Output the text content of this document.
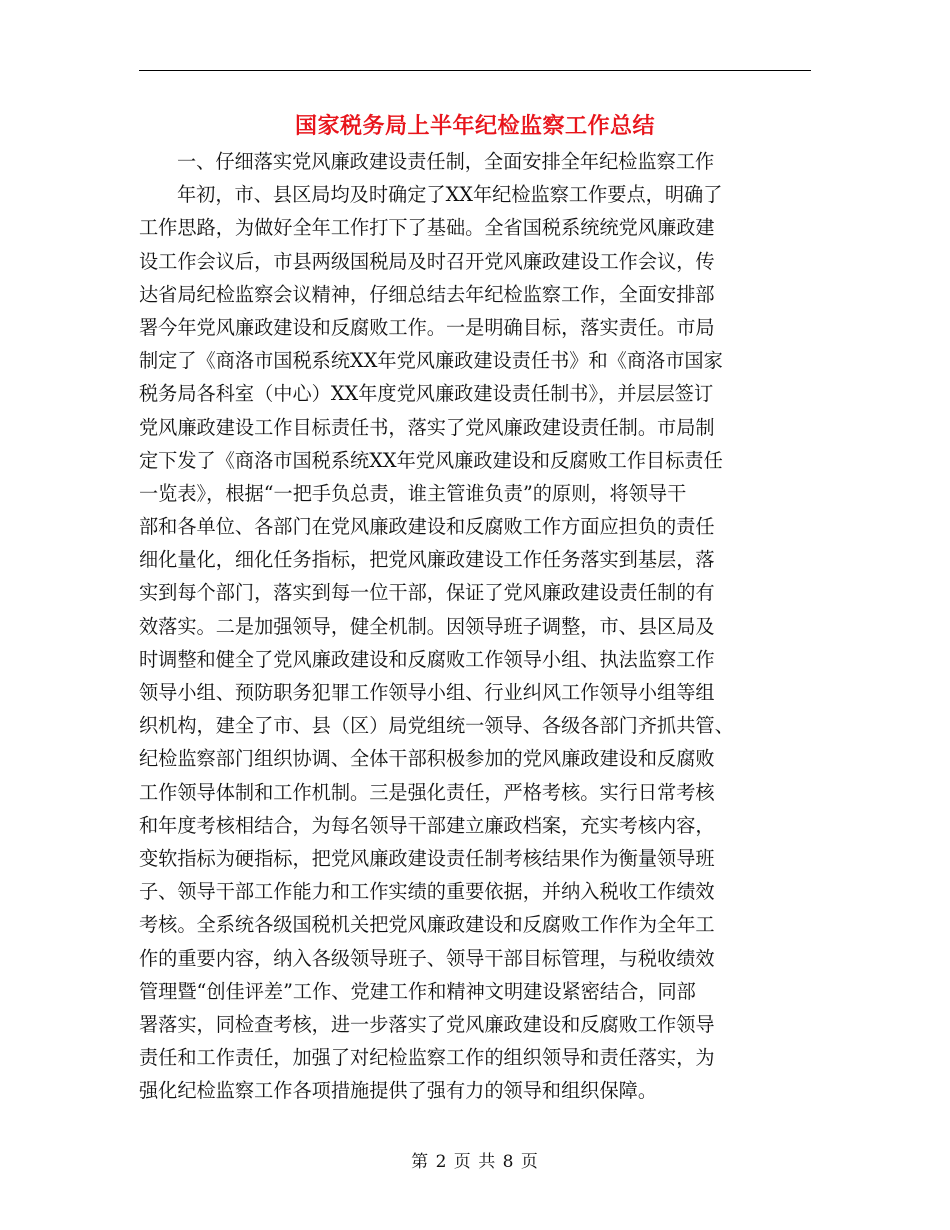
国家税务局上半年纪检监察工作总结
一、仔细落实党风廉政建设责任制，全面安排全年纪检监察工作
年初，市、县区局均及时确定了XX年纪检监察工作要点，明确了
工作思路，为做好全年工作打下了基础。全省国税系统统党风廉政建
设工作会议后，市县两级国税局及时召开党风廉政建设工作会议，传
达省局纪检监察会议精神，仔细总结去年纪检监察工作，全面安排部
署今年党风廉政建设和反腐败工作。一是明确目标，落实责任。市局
制定了《商洛市国税系统XX年党风廉政建设责任书》和《商洛市国家
税务局各科室（中心）XX年度党风廉政建设责任制书》，并层层签订
党风廉政建设工作目标责任书，落实了党风廉政建设责任制。市局制
定下发了《商洛市国税系统XX年党风廉政建设和反腐败工作目标责任
一览表》，根据“一把手负总责，谁主管谁负责”的原则，将领导干
部和各单位、各部门在党风廉政建设和反腐败工作方面应担负的责任
细化量化，细化任务指标，把党风廉政建设工作任务落实到基层，落
实到每个部门，落实到每一位干部，保证了党风廉政建设责任制的有
效落实。二是加强领导，健全机制。因领导班子调整，市、县区局及
时调整和健全了党风廉政建设和反腐败工作领导小组、执法监察工作
领导小组、预防职务犯罪工作领导小组、行业纠风工作领导小组等组
织机构，建全了市、县（区）局党组统一领导、各级各部门齐抓共管、
纪检监察部门组织协调、全体干部积极参加的党风廉政建设和反腐败
工作领导体制和工作机制。三是强化责任，严格考核。实行日常考核
和年度考核相结合，为每名领导干部建立廉政档案，充实考核内容，
变软指标为硬指标，把党风廉政建设责任制考核结果作为衡量领导班
子、领导干部工作能力和工作实绩的重要依据，并纳入税收工作绩效
考核。全系统各级国税机关把党风廉政建设和反腐败工作作为全年工
作的重要内容，纳入各级领导班子、领导干部目标管理，与税收绩效
管理暨“创佳评差”工作、党建工作和精神文明建设紧密结合，同部
署落实，同检查考核，进一步落实了党风廉政建设和反腐败工作领导
责任和工作责任，加强了对纪检监察工作的组织领导和责任落实，为
强化纪检监察工作各项措施提供了强有力的领导和组织保障。
第 2 页 共 8 页
